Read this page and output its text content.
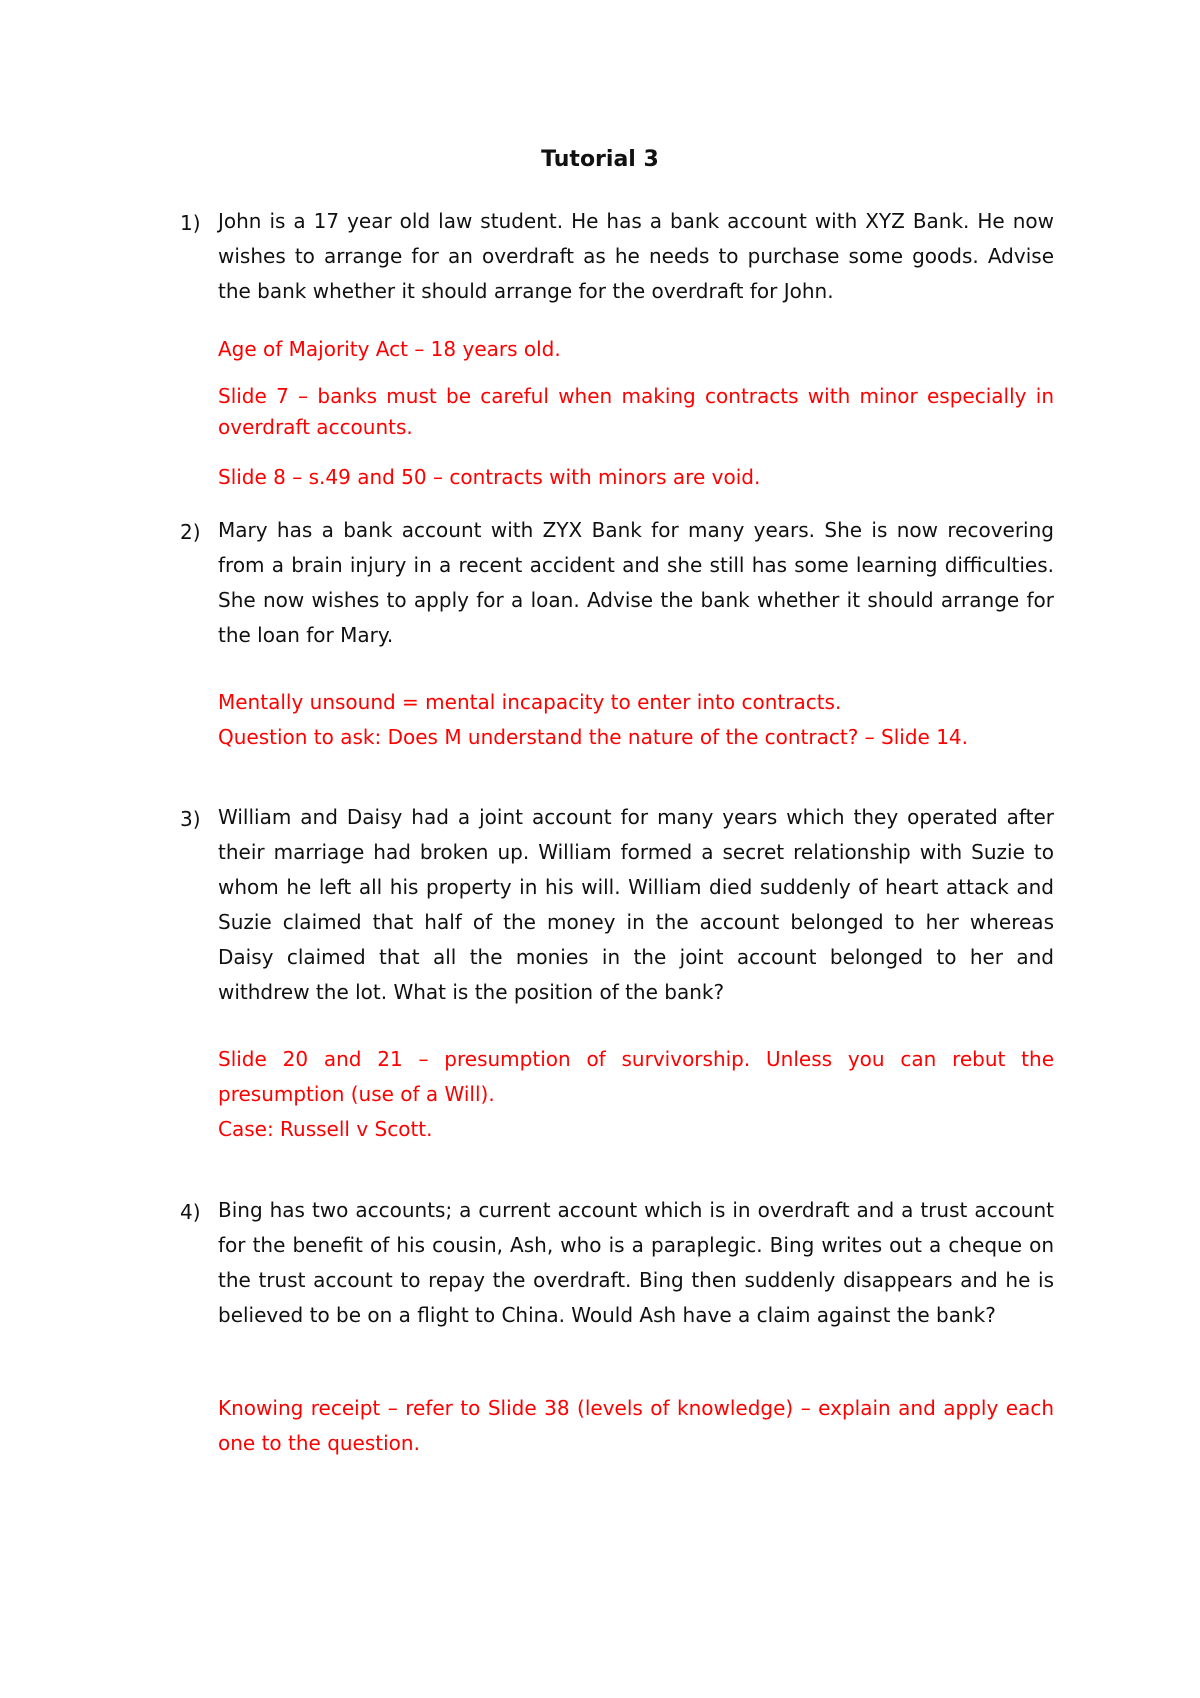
Tutorial 3
1) John is a 17 year old law student. He has a bank account with XYZ Bank. He now wishes to arrange for an overdraft as he needs to purchase some goods. Advise the bank whether it should arrange for the overdraft for John.

Age of Majority Act – 18 years old.

Slide 7 – banks must be careful when making contracts with minor especially in overdraft accounts.

Slide 8 – s.49 and 50 – contracts with minors are void.

2) Mary has a bank account with ZYX Bank for many years. She is now recovering from a brain injury in a recent accident and she still has some learning difficulties. She now wishes to apply for a loan. Advise the bank whether it should arrange for the loan for Mary.

Mentally unsound = mental incapacity to enter into contracts.

Question to ask: Does M understand the nature of the contract? – Slide 14.

3) William and Daisy had a joint account for many years which they operated after their marriage had broken up. William formed a secret relationship with Suzie to whom he left all his property in his will. William died suddenly of heart attack and Suzie claimed that half of the money in the account belonged to her whereas Daisy claimed that all the monies in the joint account belonged to her and withdrew the lot. What is the position of the bank?

Slide 20 and 21 – presumption of survivorship. Unless you can rebut the presumption (use of a Will).

Case: Russell v Scott.

4) Bing has two accounts; a current account which is in overdraft and a trust account for the benefit of his cousin, Ash, who is a paraplegic. Bing writes out a cheque on the trust account to repay the overdraft. Bing then suddenly disappears and he is believed to be on a flight to China. Would Ash have a claim against the bank?

Knowing receipt – refer to Slide 38 (levels of knowledge) – explain and apply each one to the question.
